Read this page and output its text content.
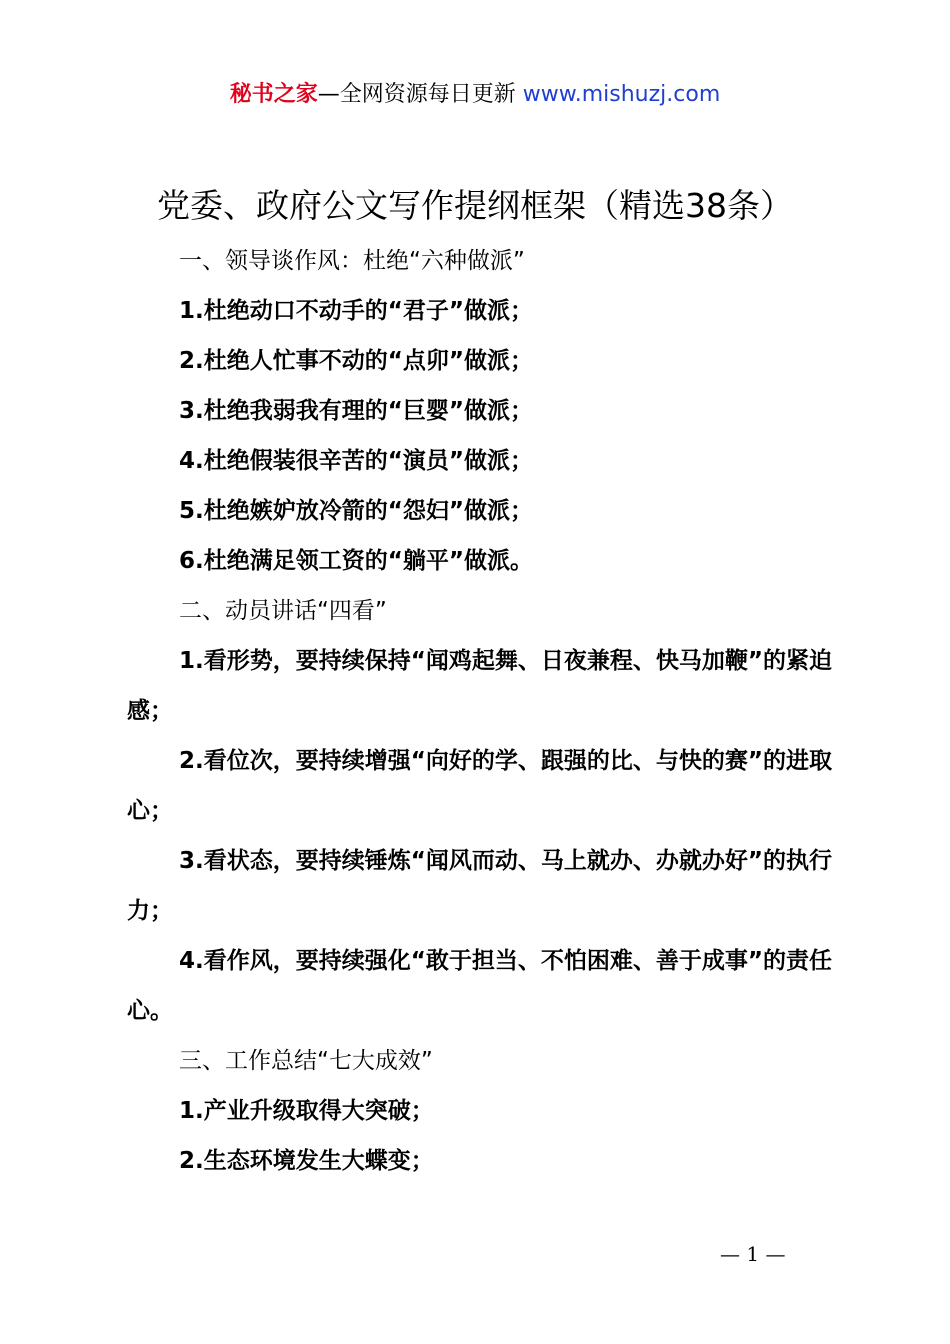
秘书之家—全网资源每日更新 www.mishuzj.com
党委、政府公文写作提纲框架（精选38条）

一、领导谈作风：杜绝“六种做派”

1.杜绝动口不动手的“君子”做派；

2.杜绝人忙事不动的“点卯”做派；

3.杜绝我弱我有理的“巨婴”做派；

4.杜绝假装很辛苦的“演员”做派；

5.杜绝嫉妒放冷箭的“怨妇”做派；

6.杜绝满足领工资的“躺平”做派。

二、动员讲话“四看”

1.看形势，要持续保持“闻鸡起舞、日夜兼程、快马加鞭”的紧迫感；

2.看位次，要持续增强“向好的学、跟强的比、与快的赛”的进取心；

3.看状态，要持续锤炼“闻风而动、马上就办、办就办好”的执行力；

4.看作风，要持续强化“敢于担当、不怕困难、善于成事”的责任心。

三、工作总结“七大成效”

1.产业升级取得大突破；

2.生态环境发生大蝶变；

— 1 —
